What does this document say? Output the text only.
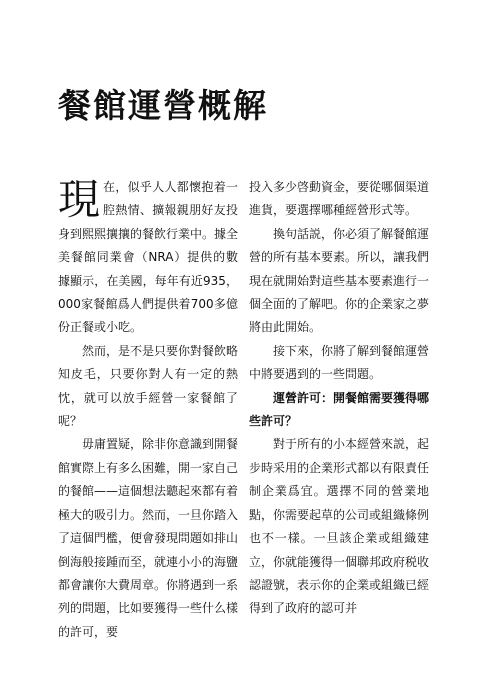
餐館運營概解

現 在，似乎人人都懷抱着一腔熱情、擴報親朋好友投身到熙熙攘攘的餐飲行業中。據全美餐館同業會（NRA）提供的數據顯示，在美國，每年有近935，000家餐館爲人們提供着700多億份正餐或小吃。

然而，是不是只要你對餐飲略知皮毛，只要你對人有一定的熱忱，就可以放手經營一家餐館了呢？

毋庸置疑，除非你意識到開餐館實際上有多么困難，開一家自己的餐館——這個想法聽起來都有着極大的吸引力。然而，一旦你踏入了這個門檻，便會發現問題如排山倒海般接踵而至，就連小小的海鹽都會讓你大費周章。你將遇到一系列的問題，比如要獲得一些什么樣的許可，要

投入多少啓動資金，要從哪個渠道進貨，要選擇哪種經營形式等。

換句話説，你必須了解餐館運營的所有基本要素。所以，讓我們現在就開始對這些基本要素進行一個全面的了解吧。你的企業家之夢將由此開始。

接下來，你將了解到餐館運營中將要遇到的一些問題。

運營許可：開餐館需要獲得哪些許可？

對于所有的小本經營來説，起步時采用的企業形式都以有限責任制企業爲宜。選擇不同的營業地點，你需要起草的公司或組織條例也不一樣。一旦該企業或組織建立，你就能獲得一個聯邦政府税收認證號，表示你的企業或組織已經得到了政府的認可并
